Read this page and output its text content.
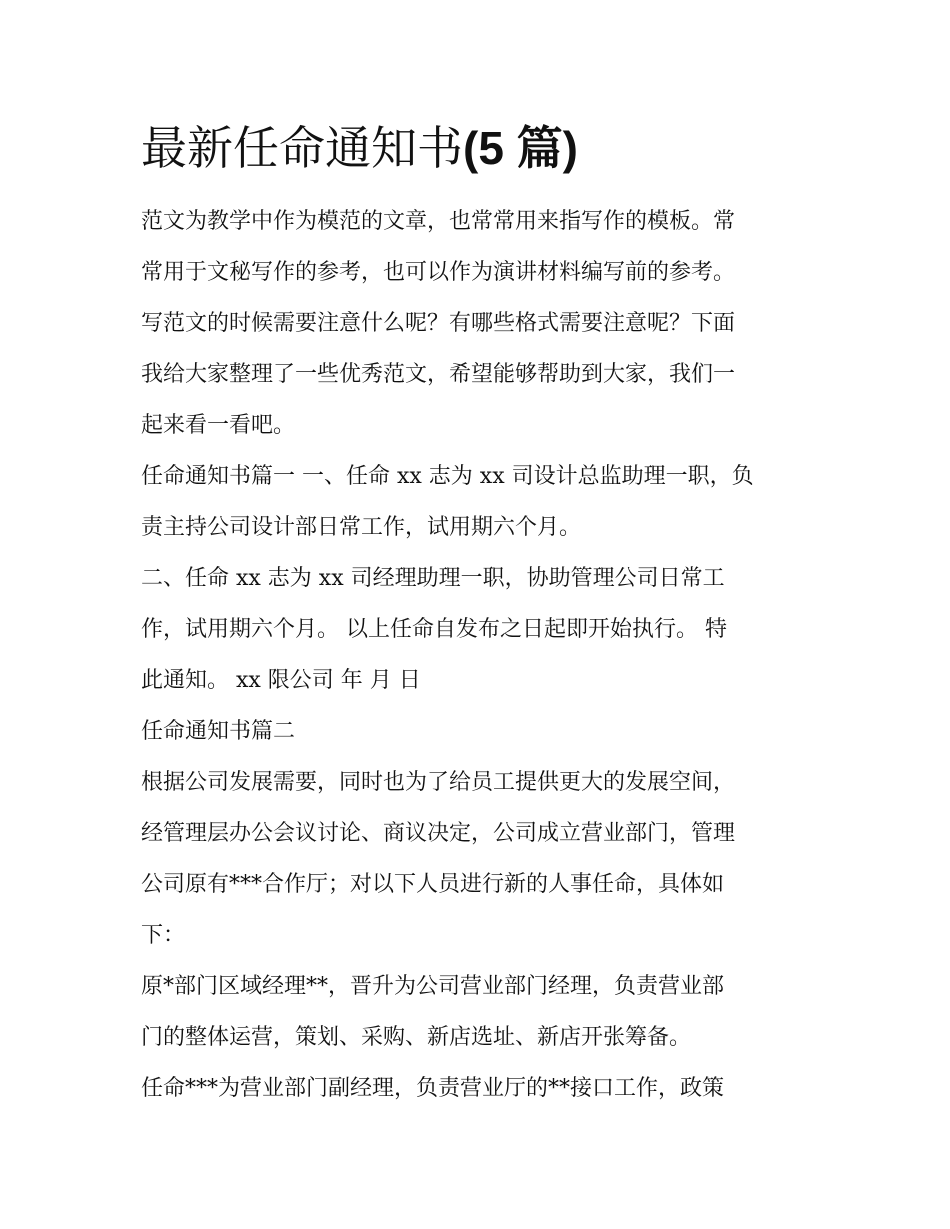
最新任命通知书(5 篇)
范文为教学中作为模范的文章，也常常用来指写作的模板。常
常用于文秘写作的参考，也可以作为演讲材料编写前的参考。
写范文的时候需要注意什么呢？有哪些格式需要注意呢？下面
我给大家整理了一些优秀范文，希望能够帮助到大家，我们一
起来看一看吧。
任命通知书篇一 一、任命 xx 志为 xx 司设计总监助理一职，负
责主持公司设计部日常工作，试用期六个月。
二、任命 xx 志为 xx 司经理助理一职，协助管理公司日常工
作，试用期六个月。 以上任命自发布之日起即开始执行。 特
此通知。 xx 限公司 年 月 日
任命通知书篇二
根据公司发展需要，同时也为了给员工提供更大的发展空间，
经管理层办公会议讨论、商议决定，公司成立营业部门，管理
公司原有***合作厅；对以下人员进行新的人事任命，具体如
下：
原*部门区域经理**，晋升为公司营业部门经理，负责营业部
门的整体运营，策划、采购、新店选址、新店开张筹备。
任命***为营业部门副经理，负责营业厅的**接口工作，政策
